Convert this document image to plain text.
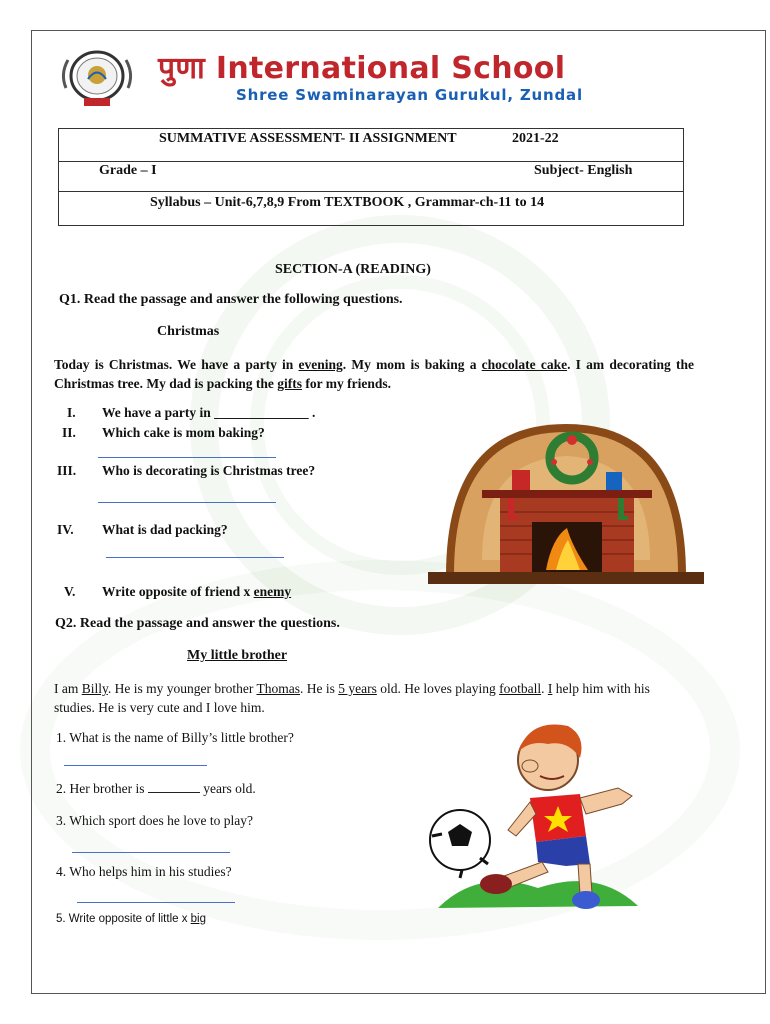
पुणा International School
Shree Swaminarayan Gurukul, Zundal
SUMMATIVE ASSESSMENT- II ASSIGNMENT	2021-22
Grade – I	Subject- English
Syllabus – Unit-6,7,8,9 From TEXTBOOK , Grammar-ch-11 to 14
SECTION-A (READING)
Q1. Read the passage and answer the following questions.
Christmas
Today is Christmas. We have a party in evening. My mom is baking a chocolate cake. I am decorating the Christmas tree. My dad is packing the gifts for my friends.
I. We have a party in ______________ .
II. Which cake is mom baking?
III. Who is decorating is Christmas tree?
IV. What is dad packing?
V. Write opposite of friend x enemy
Q2. Read the passage and answer the questions.
My little brother
I am Billy. He is my younger brother Thomas. He is 5 years old. He loves playing football. I help him with his studies. He is very cute and I love him.
1. What is the name of Billy’s little brother?
2. Her brother is	years old.
3. Which sport does he love to play?
4. Who helps him in his studies?
5. Write opposite of little x big
